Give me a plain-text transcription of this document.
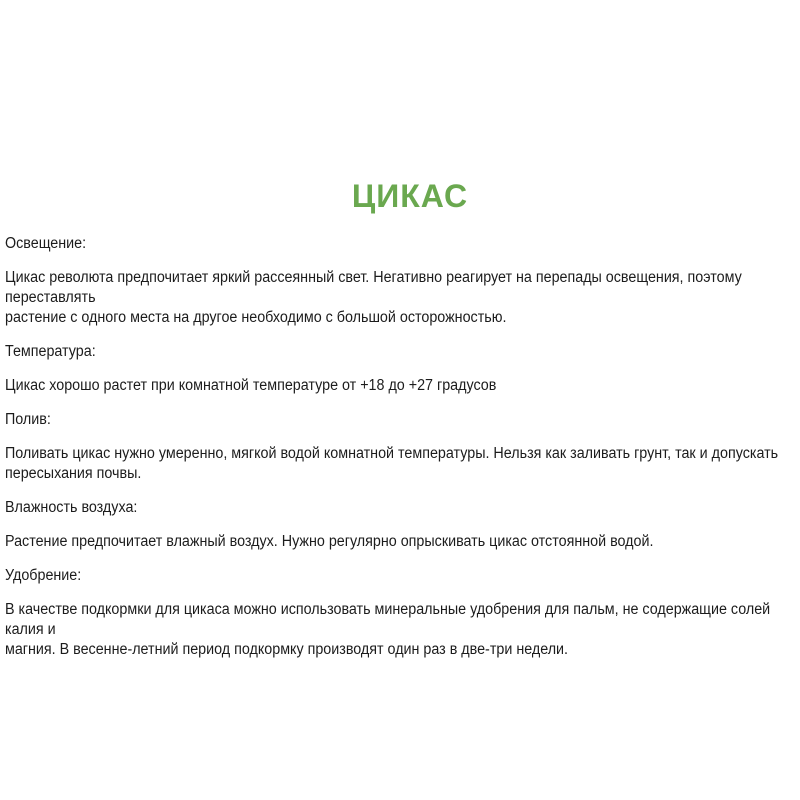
ЦИКАС

Освещение:

Цикас революта предпочитает яркий рассеянный свет. Негативно реагирует на перепады освещения, поэтому переставлять
растение с одного места на другое необходимо с большой осторожностью.

Температура:

Цикас хорошо растет при комнатной температуре от +18 до +27 градусов

Полив:

Поливать цикас нужно умеренно, мягкой водой комнатной температуры. Нельзя как заливать грунт, так и допускать
пересыхания почвы.

Влажность воздуха:

Растение предпочитает влажный воздух. Нужно регулярно опрыскивать цикас отстоянной водой.

Удобрение:

В качестве подкормки для цикаса можно использовать минеральные удобрения для пальм, не содержащие солей калия и
магния. В весенне-летний период подкормку производят один раз в две-три недели.
